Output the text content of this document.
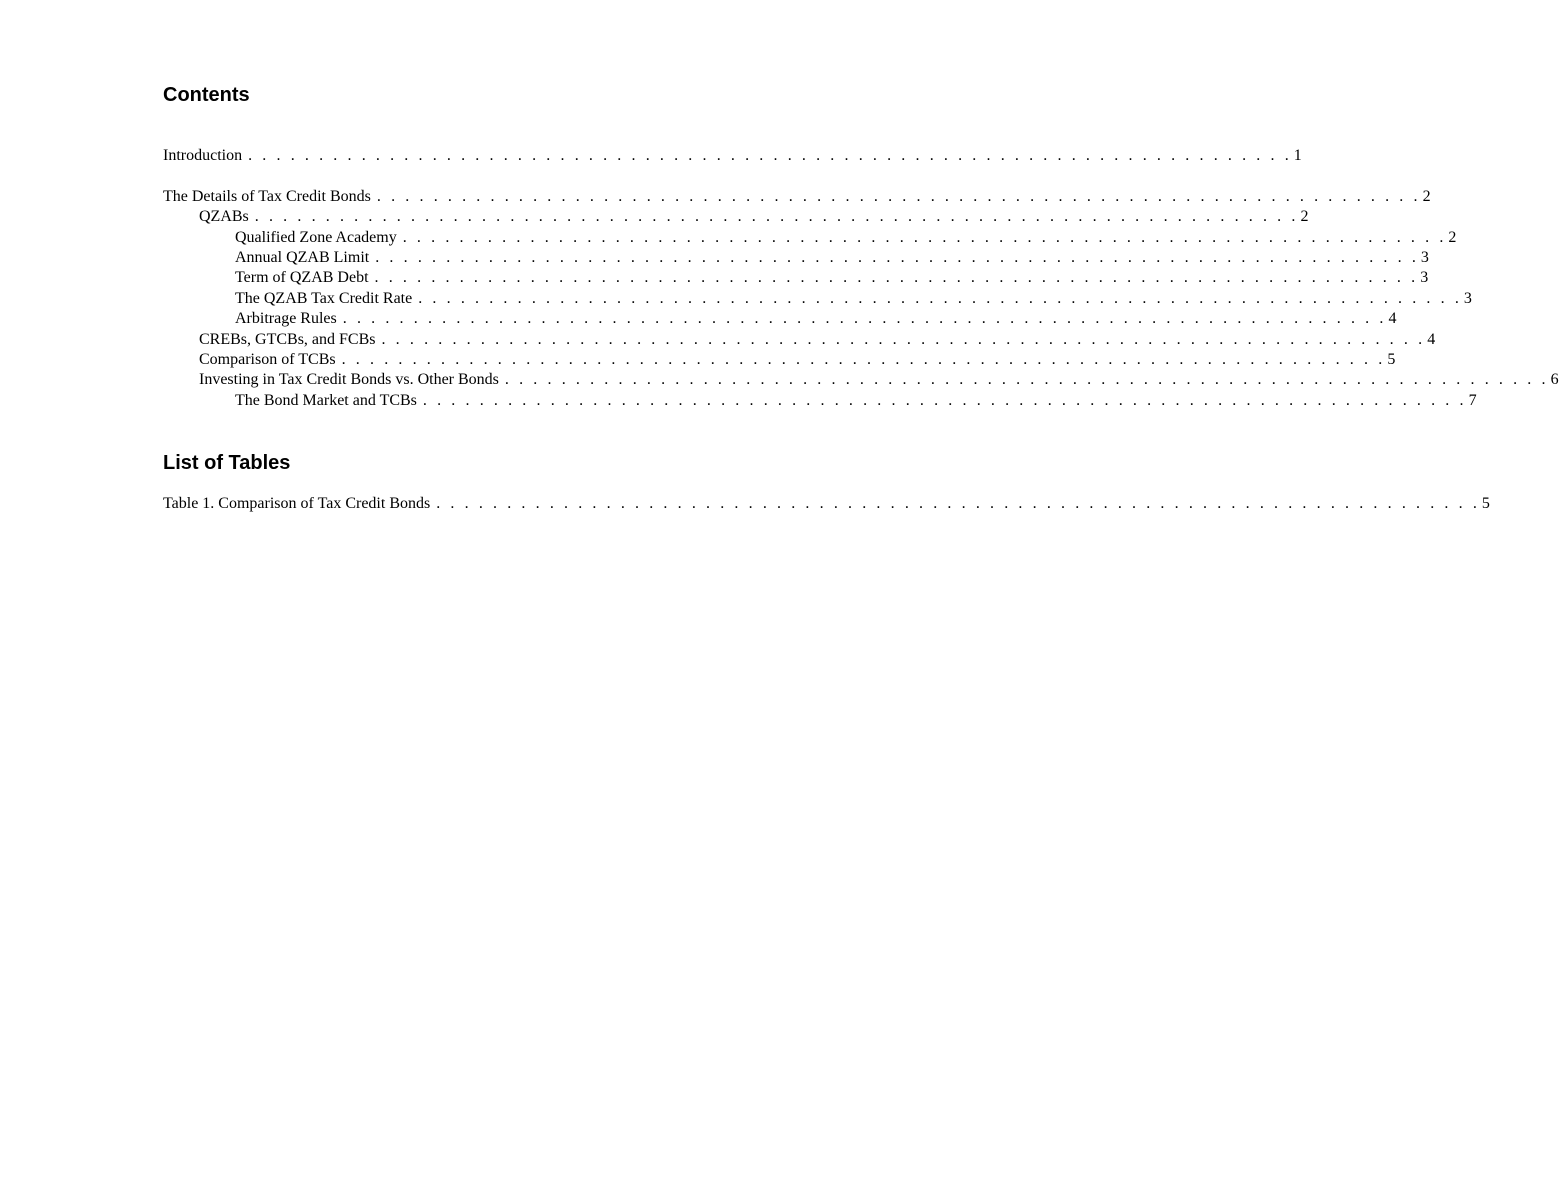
Contents
Introduction . . . . . . . . . . . . . . . . . . . . . . . . . . . . . . . . . . . . . . . . . . . . . . . . . . . . . . . . . . . . . . . . . . . . . . . . . . 1
The Details of Tax Credit Bonds . . . . . . . . . . . . . . . . . . . . . . . . . . . . . . . . . . . . . . . . . . . . . . . . . . . . . . . . . . . . . . . . . . . . . . . . . . 2
QZABs . . . . . . . . . . . . . . . . . . . . . . . . . . . . . . . . . . . . . . . . . . . . . . . . . . . . . . . . . . . . . . . . . . . . . . . . . . 2
Qualified Zone Academy . . . . . . . . . . . . . . . . . . . . . . . . . . . . . . . . . . . . . . . . . . . . . . . . . . . . . . . . . . . . . . . . . . . . . . . . . . 2
Annual QZAB Limit . . . . . . . . . . . . . . . . . . . . . . . . . . . . . . . . . . . . . . . . . . . . . . . . . . . . . . . . . . . . . . . . . . . . . . . . . . 3
Term of QZAB Debt . . . . . . . . . . . . . . . . . . . . . . . . . . . . . . . . . . . . . . . . . . . . . . . . . . . . . . . . . . . . . . . . . . . . . . . . . . 3
The QZAB Tax Credit Rate . . . . . . . . . . . . . . . . . . . . . . . . . . . . . . . . . . . . . . . . . . . . . . . . . . . . . . . . . . . . . . . . . . . . . . . . . . 3
Arbitrage Rules . . . . . . . . . . . . . . . . . . . . . . . . . . . . . . . . . . . . . . . . . . . . . . . . . . . . . . . . . . . . . . . . . . . . . . . . . . 4
CREBs, GTCBs, and FCBs . . . . . . . . . . . . . . . . . . . . . . . . . . . . . . . . . . . . . . . . . . . . . . . . . . . . . . . . . . . . . . . . . . . . . . . . . . 4
Comparison of TCBs . . . . . . . . . . . . . . . . . . . . . . . . . . . . . . . . . . . . . . . . . . . . . . . . . . . . . . . . . . . . . . . . . . . . . . . . . . 5
Investing in Tax Credit Bonds vs. Other Bonds . . . . . . . . . . . . . . . . . . . . . . . . . . . . . . . . . . . . . . . . . . . . . . . . . . . . . . . . . . . . . . . . . . . . . . . . . . 6
The Bond Market and TCBs . . . . . . . . . . . . . . . . . . . . . . . . . . . . . . . . . . . . . . . . . . . . . . . . . . . . . . . . . . . . . . . . . . . . . . . . . . 7
List of Tables
Table 1. Comparison of Tax Credit Bonds . . . . . . . . . . . . . . . . . . . . . . . . . . . . . . . . . . . . . . . . . . . . . . . . . . . . . . . . . . . . . . . . . . . . . . . . . . 5
